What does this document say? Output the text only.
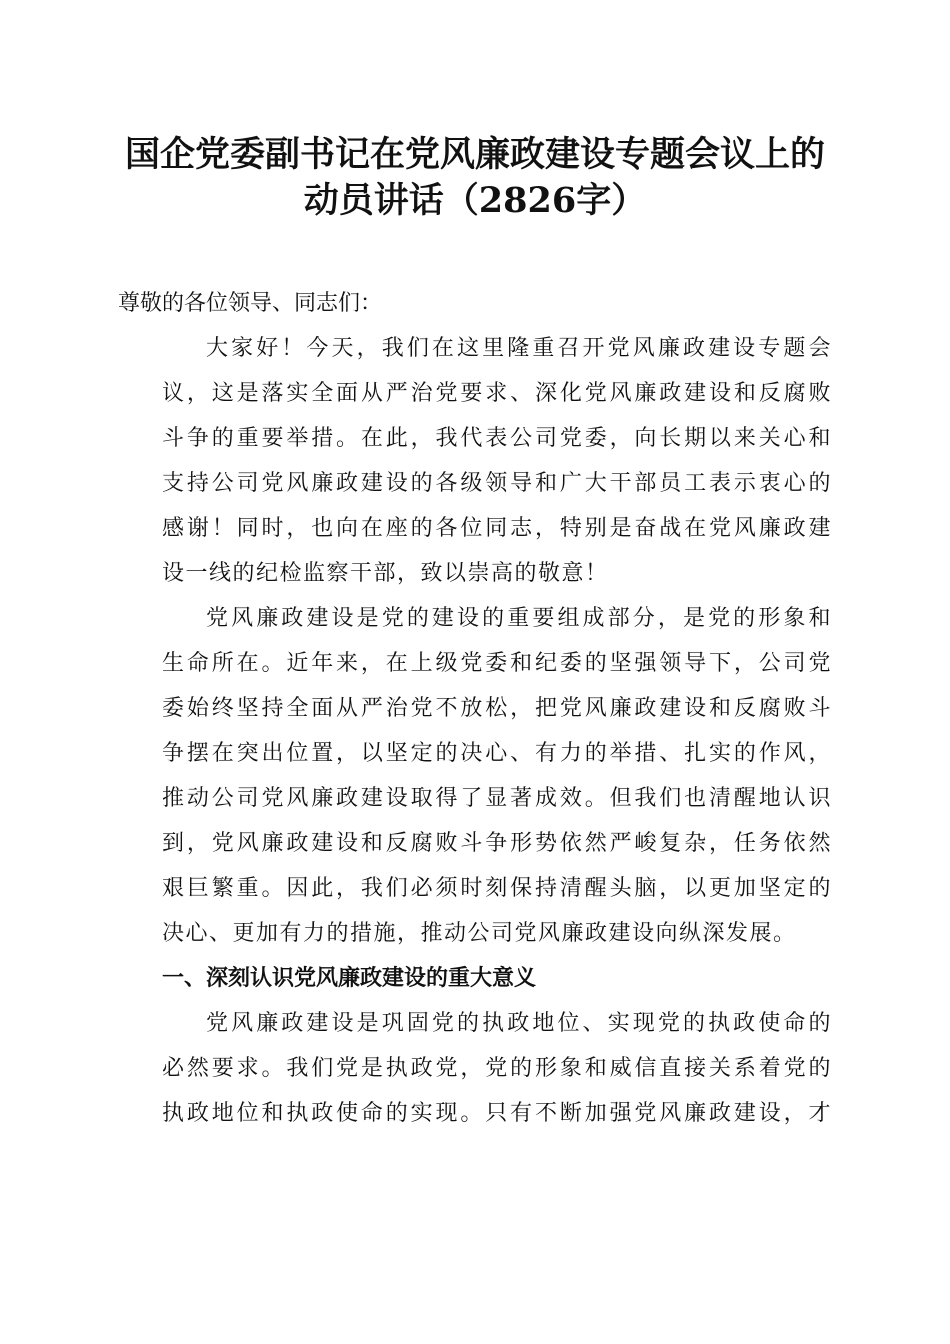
国企党委副书记在党风廉政建设专题会议上的
动员讲话（2826字）

尊敬的各位领导、同志们：

大家好！今天，我们在这里隆重召开党风廉政建设专题会
议，这是落实全面从严治党要求、深化党风廉政建设和反腐败
斗争的重要举措。在此，我代表公司党委，向长期以来关心和
支持公司党风廉政建设的各级领导和广大干部员工表示衷心的
感谢！同时，也向在座的各位同志，特别是奋战在党风廉政建
设一线的纪检监察干部，致以崇高的敬意！
党风廉政建设是党的建设的重要组成部分，是党的形象和
生命所在。近年来，在上级党委和纪委的坚强领导下，公司党
委始终坚持全面从严治党不放松，把党风廉政建设和反腐败斗
争摆在突出位置，以坚定的决心、有力的举措、扎实的作风，
推动公司党风廉政建设取得了显著成效。但我们也清醒地认识
到，党风廉政建设和反腐败斗争形势依然严峻复杂，任务依然
艰巨繁重。因此，我们必须时刻保持清醒头脑，以更加坚定的
决心、更加有力的措施，推动公司党风廉政建设向纵深发展。

一、深刻认识党风廉政建设的重大意义

党风廉政建设是巩固党的执政地位、实现党的执政使命的
必然要求。我们党是执政党，党的形象和威信直接关系着党的
执政地位和执政使命的实现。只有不断加强党风廉政建设，才
